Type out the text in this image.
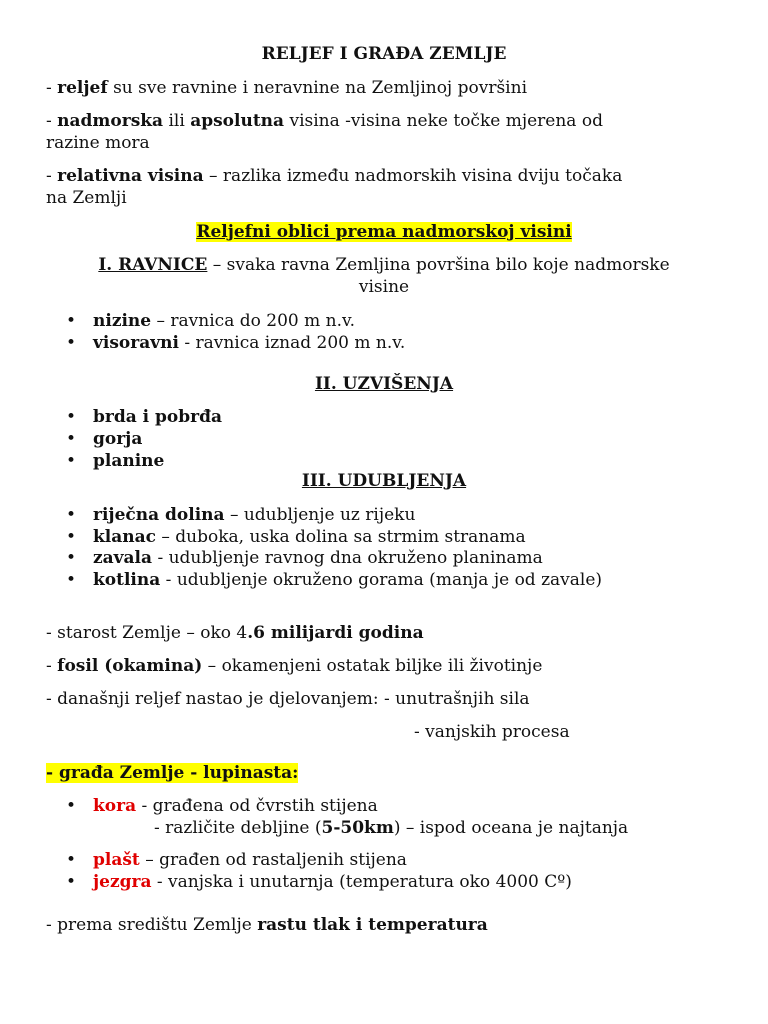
RELJEF I GRAĐA ZEMLJE
- reljef su sve ravnine i neravnine na Zemljinoj površini
- nadmorska ili apsolutna visina -visina neke točke mjerena od
razine mora
- relativna visina – razlika između nadmorskih visina dviju točaka
na Zemlji
Reljefni oblici prema nadmorskoj visini
I. RAVNICE – svaka ravna Zemljina površina bilo koje nadmorske
visine
• nizine – ravnica do 200 m n.v.
• visoravni - ravnica iznad 200 m n.v.
II. UZVIŠENJA
• brda i pobrđa
• gorja
• planine
III. UDUBLJENJA
• riječna dolina – udubljenje uz rijeku
• klanac – duboka, uska dolina sa strmim stranama
• zavala - udubljenje ravnog dna okruženo planinama
• kotlina - udubljenje okruženo gorama (manja je od zavale)
- starost Zemlje – oko 4.6 milijardi godina
- fosil (okamina) – okamenjeni ostatak biljke ili životinje
- današnji reljef nastao je djelovanjem: - unutrašnjih sila
- vanjskih procesa
- građa Zemlje - lupinasta:
• kora - građena od čvrstih stijena
- različite debljine (5-50km) – ispod oceana je najtanja
• plašt – građen od rastaljenih stijena
• jezgra - vanjska i unutarnja (temperatura oko 4000 Cº)
- prema središtu Zemlje rastu tlak i temperatura
